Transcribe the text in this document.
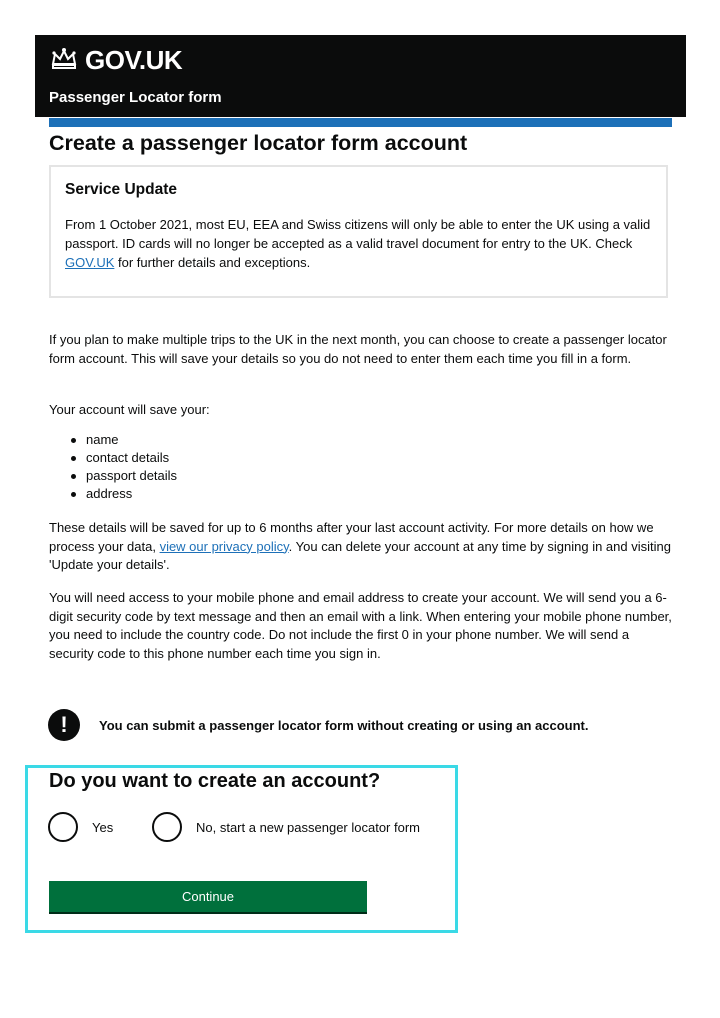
GOV.UK
Passenger Locator form
Create a passenger locator form account
Service Update

From 1 October 2021, most EU, EEA and Swiss citizens will only be able to enter the UK using a valid passport. ID cards will no longer be accepted as a valid travel document for entry to the UK. Check GOV.UK for further details and exceptions.

If you plan to make multiple trips to the UK in the next month, you can choose to create a passenger locator form account. This will save your details so you do not need to enter them each time you fill in a form.

Your account will save your:

name
contact details
passport details
address

These details will be saved for up to 6 months after your last account activity. For more details on how we process your data, view our privacy policy. You can delete your account at any time by signing in and visiting 'Update your details'.

You will need access to your mobile phone and email address to create your account. We will send you a 6-digit security code by text message and then an email with a link. When entering your mobile phone number, you need to include the country code. Do not include the first 0 in your phone number. We will send a security code to this phone number each time you sign in.

!	You can submit a passenger locator form without creating or using an account.
Do you want to create an account?
Yes	No, start a new passenger locator form
Continue
